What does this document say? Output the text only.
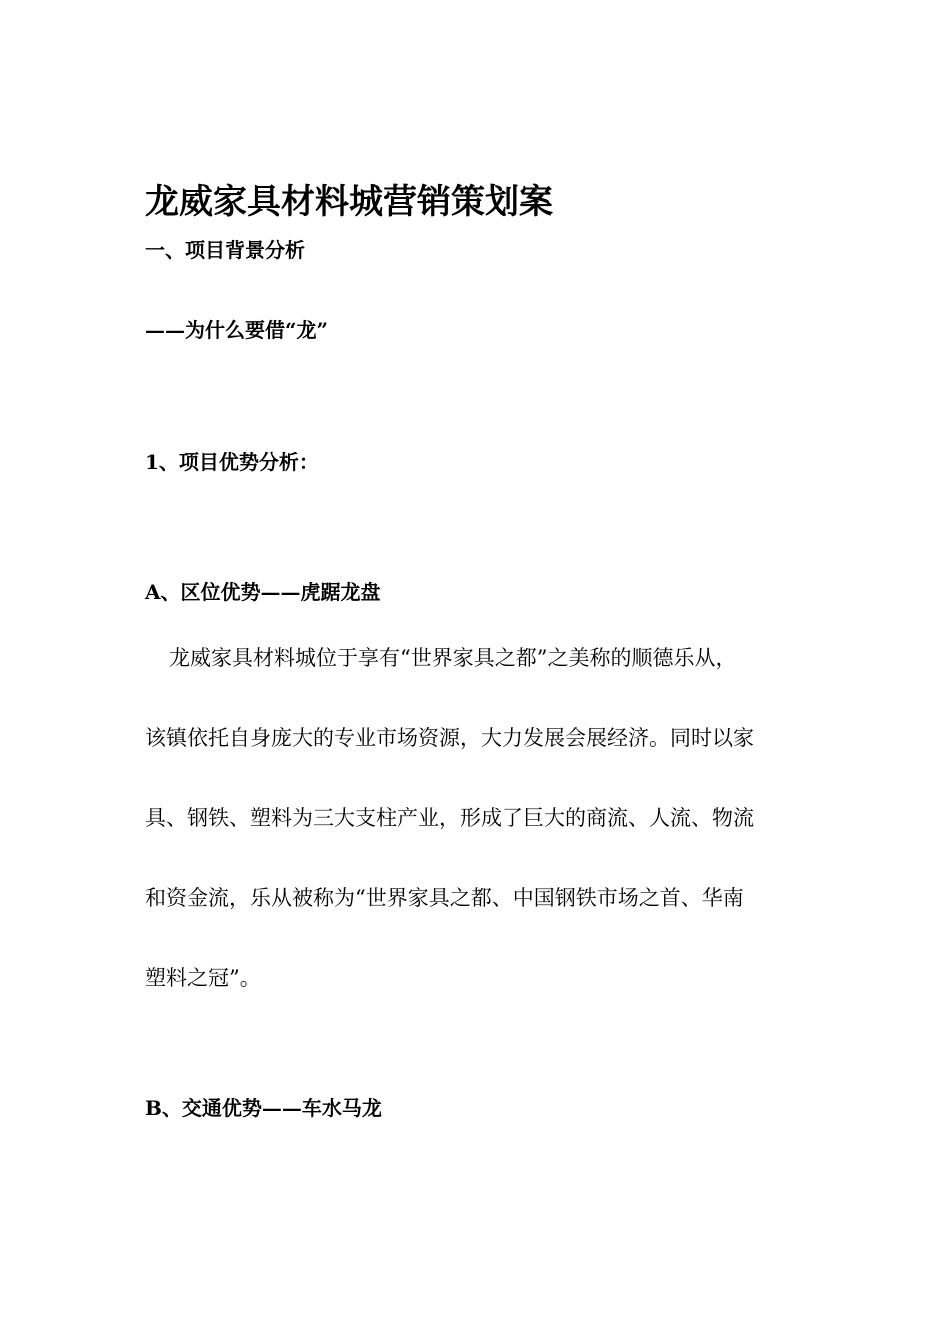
龙威家具材料城营销策划案
一、项目背景分析
——为什么要借“龙”
1、项目优势分析：
A、区位优势——虎踞龙盘
龙威家具材料城位于享有“世界家具之都”之美称的顺德乐从，
该镇依托自身庞大的专业市场资源，大力发展会展经济。同时以家
具、钢铁、塑料为三大支柱产业，形成了巨大的商流、人流、物流
和资金流，乐从被称为“世界家具之都、中国钢铁市场之首、华南
塑料之冠”。
B、交通优势——车水马龙
